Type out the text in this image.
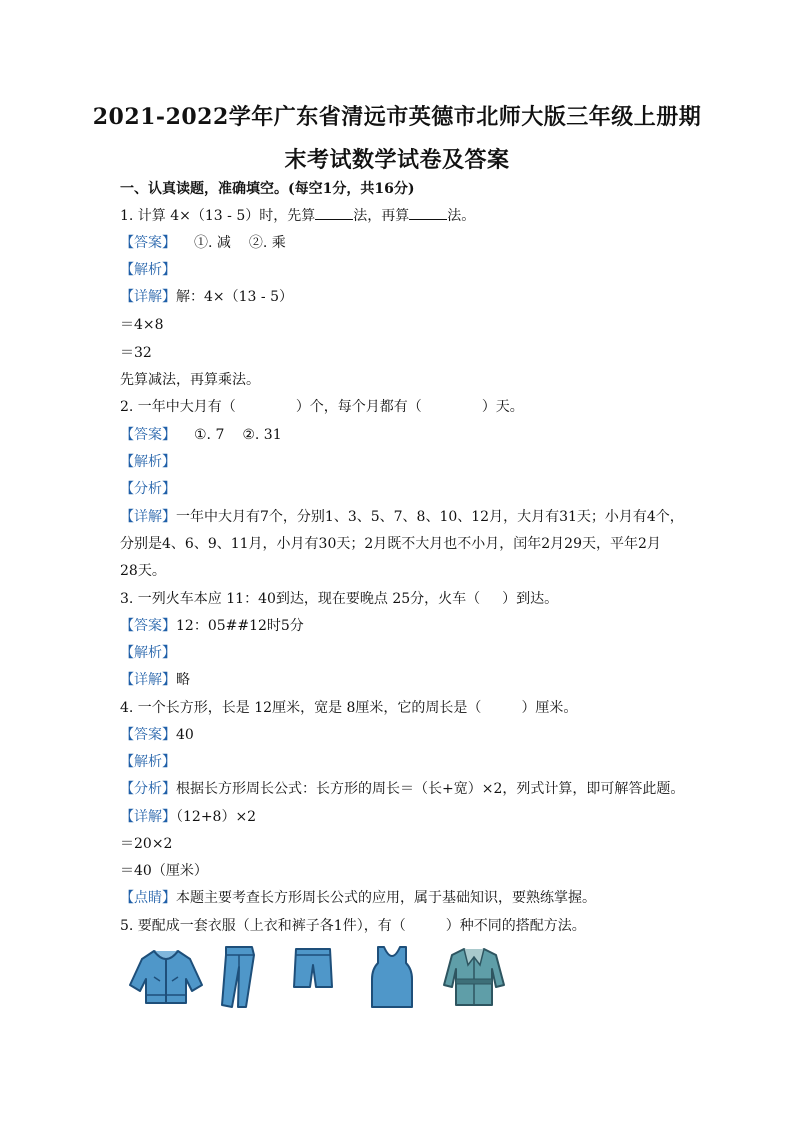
2021-2022学年广东省清远市英德市北师大版三年级上册期
末考试数学试卷及答案
一、认真读题，准确填空。(每空1分，共16分)
1. 计算 4×（13 - 5）时，先算	法，再算	法。
【答案】 ①. 减 ②. 乘
【解析】
【详解】解：4×（13 - 5）
＝4×8
＝32
先算减法，再算乘法。
2. 一年中大月有（	）个，每个月都有（	）天。
【答案】 ①. 7 ②. 31
【解析】
【分析】
【详解】一年中大月有7个，分别1、3、5、7、8、10、12月，大月有31天；小月有4个，
分别是4、6、9、11月，小月有30天；2月既不大月也不小月，闰年2月29天，平年2月
28天。
3. 一列火车本应 11：40到达，现在要晚点 25分，火车（ ）到达。
【答案】12：05##12时5分
【解析】
【详解】略
4. 一个长方形，长是 12厘米，宽是 8厘米，它的周长是（	）厘米。
【答案】40
【解析】
【分析】根据长方形周长公式：长方形的周长＝（长+宽）×2，列式计算，即可解答此题。
【详解】（12+8）×2
＝20×2
＝40（厘米）
【点睛】本题主要考查长方形周长公式的应用，属于基础知识，要熟练掌握。
5. 要配成一套衣服（上衣和裤子各1件），有（	）种不同的搭配方法。
